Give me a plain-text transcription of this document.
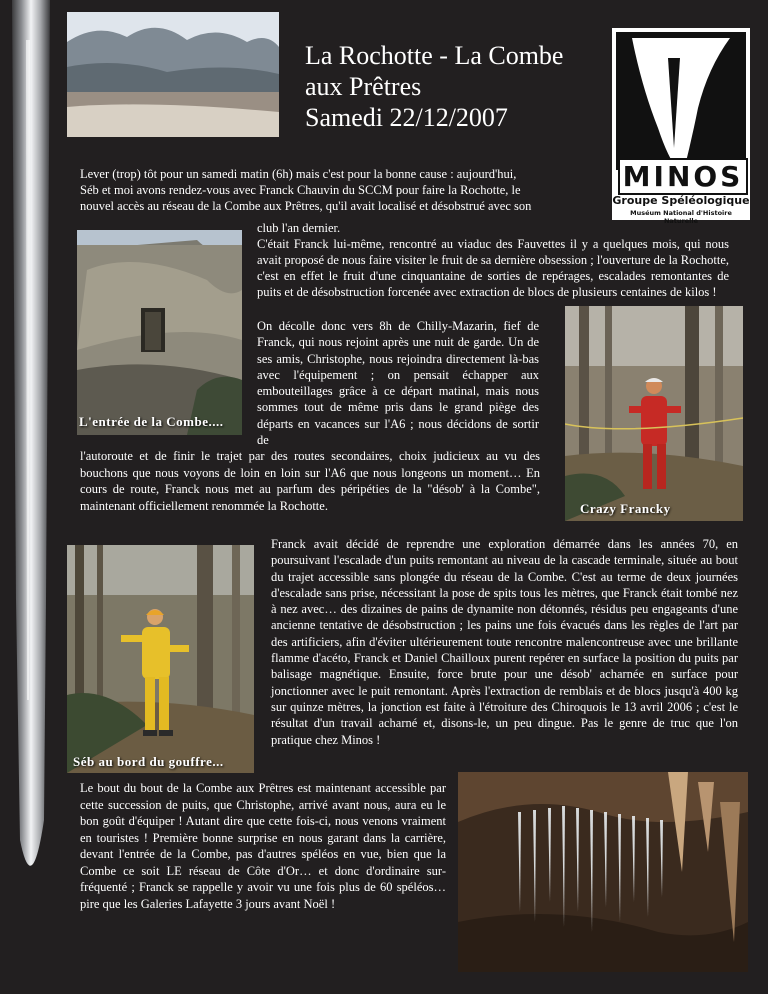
La Rochotte - La Combe
aux Prêtres
Samedi 22/12/2007
MINOS
Groupe Spéléologique
Muséum National d'Histoire Naturelle
Lever (trop) tôt pour un samedi matin (6h) mais c'est pour la bonne cause : aujourd'hui,
Séb et moi avons rendez-vous avec Franck Chauvin du SCCM pour faire la Rochotte, le
nouvel accès au réseau de la Combe aux Prêtres, qu'il avait localisé et désobstrué avec son
L'entrée de la Combe....
club l'an dernier.
C'était Franck lui-même, rencontré au viaduc des Fauvettes il y a quelques mois, qui nous avait proposé de nous faire visiter le fruit de sa dernière obsession ; l'ouverture de la Rochotte, c'est en effet le fruit d'une cinquantaine de sorties de repérages, escalades remontantes de puits et de désobstruction forcenée avec extraction de blocs de plusieurs centaines de kilos !
On décolle donc vers 8h de Chilly-Mazarin, fief de Franck, qui nous rejoint après une nuit de garde. Un de ses amis, Christophe, nous rejoindra directement là-bas avec l'équipement ; on pensait échapper aux embouteillages grâce à ce départ matinal, mais nous sommes tout de même pris dans le grand piège des départs en vacances sur l'A6 ; nous décidons de sortir de
l'autoroute et de finir le trajet par des routes secondaires, choix judicieux au vu des bouchons que nous voyons de loin en loin sur l'A6 que nous longeons un moment… En cours de route, Franck nous met au parfum des péripéties de la "désob' à la Combe", maintenant officiellement renommée la Rochotte.	Crazy Francky
Séb au bord du gouffre...
Franck avait décidé de reprendre une exploration démarrée dans les années 70, en poursuivant l'escalade d'un puits remontant au niveau de la cascade terminale, située au bout du trajet accessible sans plongée du réseau de la Combe. C'est au terme de deux journées d'escalade sans prise, nécessitant la pose de spits tous les mètres, que Franck était tombé nez à nez avec… des dizaines de pains de dynamite non détonnés, résidus peu engageants d'une ancienne tentative de désobstruction ; les pains une fois évacués dans les règles de l'art par des artificiers, afin d'éviter ultérieurement toute rencontre malencontreuse avec une brillante flamme d'acéto, Franck et Daniel Chailloux purent repérer en surface la position du puits par balisage magnétique. Ensuite, force brute pour une désob' acharnée en surface pour jonctionner avec le puit remontant. Après l'extraction de remblais et de blocs jusqu'à 400 kg sur quinze mètres, la jonction est faite à l'étroiture des Chiroquois le 13 avril 2006 ; c'est le résultat d'un travail acharné et, disons-le, un peu dingue. Pas le genre de truc que l'on pratique chez Minos !
Le bout du bout de la Combe aux Prêtres est maintenant accessible par cette succession de puits, que Christophe, arrivé avant nous, aura eu le bon goût d'équiper ! Autant dire que cette fois-ci, nous venons vraiment en touristes ! Première bonne surprise en nous garant dans la carrière, devant l'entrée de la Combe, pas d'autres spéléos en vue, bien que la Combe ce soit LE réseau de Côte d'Or… et donc d'ordinaire sur-fréquenté ; Franck se rappelle y avoir vu une fois plus de 60 spéléos… pire que les Galeries Lafayette 3 jours avant Noël !
